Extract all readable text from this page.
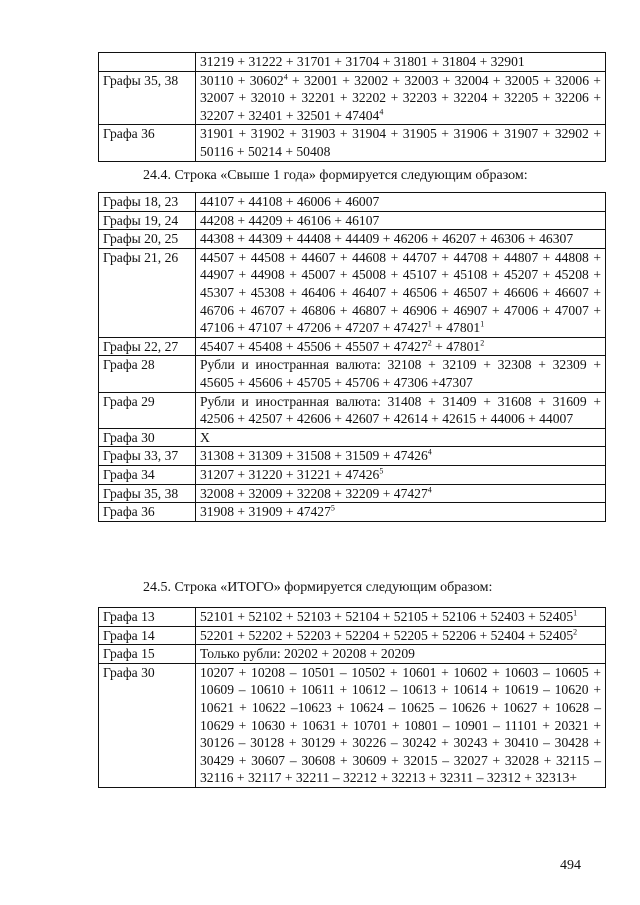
	31219 + 31222 + 31701 + 31704 + 31801 + 31804 + 32901
Графы 35, 38	$30110 + 30602^4 + 32001 + 32002 + 32003 + 32004 + 32005 + 32006 + 32007 + 32010 + 32201 + 32202 + 32203 + 32204 + 32205 + 32206 + 32207 + 32401 + 32501 + 47404^4$
Графа 36	31901 + 31902 + 31903 + 31904 + 31905 + 31906 + 31907 + 32902 + 50116 + 50214 + 50408
24.4. Строка «Свыше 1 года» формируется следующим образом:
Графы 18, 23	44107 + 44108 + 46006 + 46007
Графы 19, 24	44208 + 44209 + 46106 + 46107
Графы 20, 25	44308 + 44309 + 44408 + 44409 + 46206 + 46207 + 46306 + 46307
Графы 21, 26	44507 + 44508 + 44607 + 44608 + 44707 + 44708 + 44807 + $44808 + 44907 + 44908 + 45007 + 45008 + 45107 + 45108 + 45207 + 45208 + 45307 + 45308 + 46406 + 46407 + 46506 + 46507 + 46606 + 46607 + 46706 + 46707 + 46806 + 46807 + 46906 + 46907 + 47006 + 47007 + 47106 + 47107 + 47206 + 47207 + 47427^1 + 47801^1$
Графы 22, 27	$45407 + 45408 + 45506 + 45507 + 47427^2 + 47801^2$
Графа 28	Рубли и иностранная валюта: 32108 + 32109 + 32308 + 32309 + 45605 + 45606 + 45705 + 45706 + 47306 +47307
Графа 29	Рубли и иностранная валюта: 31408 + 31409 + 31608 + 31609 + 42506 + 42507 + 42606 + 42607 + 42614 + 42615 + 44006 + 44007
Графа 30	X
Графы 33, 37	$31308 + 31309 + 31508 + 31509 + 47426^4$
Графа 34	$31207 + 31220 + 31221 + 47426^5$
Графы 35, 38	$32008 + 32009 + 32208 + 32209 + 47427^4$
Графа 36	$31908 + 31909 + 47427^5$
24.5. Строка «ИТОГО» формируется следующим образом:
Графа 13	$52101 + 52102 + 52103 + 52104 + 52105 + 52106 + 52403 + 52405^1$
Графа 14	$52201 + 52202 + 52203 + 52204 + 52205 + 52206 + 52404 + 52405^2$
Графа 15	Только рубли: 20202 + 20208 + 20209
Графа 30	10207 + 10208 – 10501 – 10502 + 10601 + 10602 + 10603 – 10605 + 10609 – 10610 + 10611 + 10612 – 10613 + 10614 + 10619 – 10620 + 10621 + 10622 –10623 + 10624 – 10625 – 10626 + 10627 + 10628 – 10629 + 10630 + 10631 + 10701 + 10801 – 10901 – 11101 + 20321 + 30126 – 30128 + 30129 + 30226 – 30242 + 30243 + 30410 – 30428 + 30429 + 30607 – 30608 + 30609 + 32015 – 32027 + 32028 + 32115 – 32116 + 32117 + 32211 – 32212 + 32213 + 32311 – 32312 + 32313+
494
